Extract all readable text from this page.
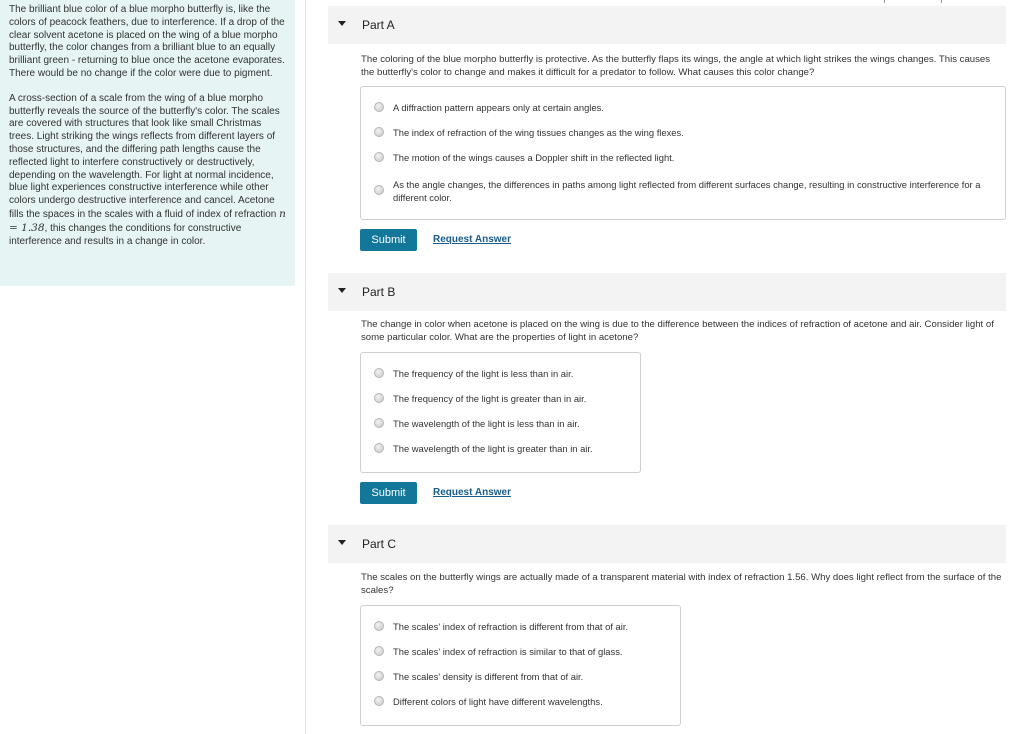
The brilliant blue color of a blue morpho butterfly is, like the colors of peacock feathers, due to interference. If a drop of the clear solvent acetone is placed on the wing of a blue morpho butterfly, the color changes from a brilliant blue to an equally brilliant green - returning to blue once the acetone evaporates. There would be no change if the color were due to pigment.

A cross-section of a scale from the wing of a blue morpho butterfly reveals the source of the butterfly's color. The scales are covered with structures that look like small Christmas trees. Light striking the wings reflects from different layers of those structures, and the differing path lengths cause the reflected light to interfere constructively or destructively, depending on the wavelength. For light at normal incidence, blue light experiences constructive interference while other colors undergo destructive interference and cancel. Acetone fills the spaces in the scales with a fluid of index of refraction n = 1.38, this changes the conditions for constructive interference and results in a change in color.

Part A
The coloring of the blue morpho butterfly is protective. As the butterfly flaps its wings, the angle at which light strikes the wings changes. This causes the butterfly's color to change and makes it difficult for a predator to follow. What causes this color change?
A diffraction pattern appears only at certain angles.
The index of refraction of the wing tissues changes as the wing flexes.
The motion of the wings causes a Doppler shift in the reflected light.
As the angle changes, the differences in paths among light reflected from different surfaces change, resulting in constructive interference for a different color.
Submit	Request Answer
Part B
The change in color when acetone is placed on the wing is due to the difference between the indices of refraction of acetone and air. Consider light of some particular color. What are the properties of light in acetone?
The frequency of the light is less than in air.
The frequency of the light is greater than in air.
The wavelength of the light is less than in air.
The wavelength of the light is greater than in air.
Submit	Request Answer
Part C
The scales on the butterfly wings are actually made of a transparent material with index of refraction 1.56. Why does light reflect from the surface of the scales?
The scales' index of refraction is different from that of air.
The scales' index of refraction is similar to that of glass.
The scales' density is different from that of air.
Different colors of light have different wavelengths.
